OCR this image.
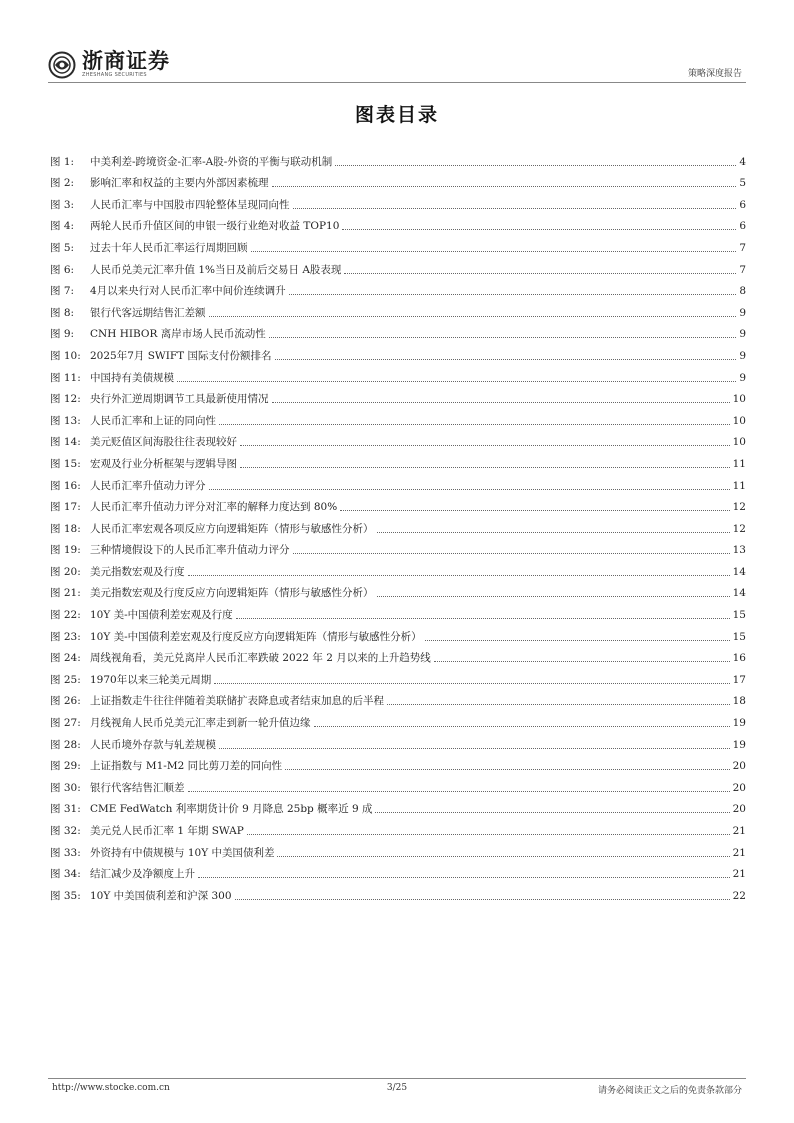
浙商证券
ZHESHANG SECURITIES	策略深度报告
图表目录
图 1:	中美利差-跨境资金-汇率-A股-外资的平衡与联动机制	4
图 2:	影响汇率和权益的主要内外部因素梳理	5
图 3:	人民币汇率与中国股市四轮整体呈现同向性	6
图 4:	两轮人民币升值区间的申银一级行业绝对收益 TOP10	6
图 5:	过去十年人民币汇率运行周期回顾	7
图 6:	人民币兑美元汇率升值 1%当日及前后交易日 A股表现	7
图 7:	4月以来央行对人民币汇率中间价连续调升	8
图 8:	银行代客远期结售汇差额	9
图 9:	CNH HIBOR 离岸市场人民币流动性	9
图 10: 2025年7月 SWIFT 国际支付份额排名	9
图 11: 中国持有美债规模	9
图 12: 央行外汇逆周期调节工具最新使用情况	10
图 13: 人民币汇率和上证的同向性	10
图 14: 美元贬值区间海股往往表现较好	10
图 15: 宏观及行业分析框架与逻辑导图	11
图 16: 人民币汇率升值动力评分	11
图 17: 人民币汇率升值动力评分对汇率的解释力度达到 80%	12
图 18: 人民币汇率宏观各项反应方向逻辑矩阵（情形与敏感性分析）	12
图 19: 三种情境假设下的人民币汇率升值动力评分	13
图 20: 美元指数宏观及行度	14
图 21: 美元指数宏观及行度反应方向逻辑矩阵（情形与敏感性分析）	14
图 22: 10Y 美-中国债利差宏观及行度	15
图 23: 10Y 美-中国债利差宏观及行度反应方向逻辑矩阵（情形与敏感性分析）	15
图 24: 周线视角看，美元兑离岸人民币汇率跌破 2022 年 2 月以来的上升趋势线	16
图 25: 1970年以来三轮美元周期	17
图 26: 上证指数走牛往往伴随着美联储扩表降息或者结束加息的后半程	18
图 27: 月线视角人民币兑美元汇率走到新一轮升值边缘	19
图 28: 人民币境外存款与轧差规模	19
图 29: 上证指数与 M1-M2 同比剪刀差的同向性	20
图 30: 银行代客结售汇顺差	20
图 31: CME FedWatch 利率期货计价 9 月降息 25bp 概率近 9 成	20
图 32: 美元兑人民币汇率 1 年期 SWAP	21
图 33: 外资持有中债规模与 10Y 中美国债利差	21
图 34: 结汇减少及净额度上升	21
图 35: 10Y 中美国债利差和沪深 300	22
http://www.stocke.com.cn	3/25	请务必阅读正文之后的免责条款部分
